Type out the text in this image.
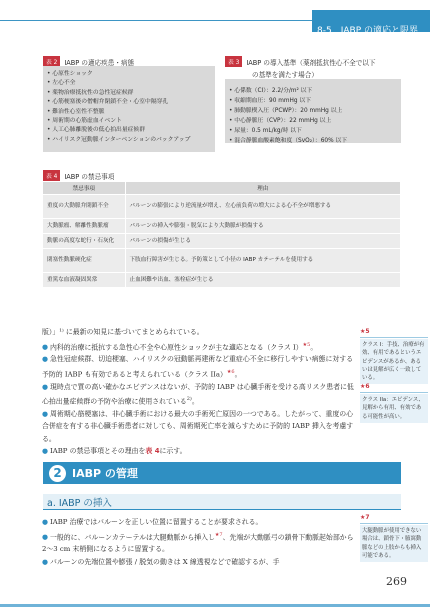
8-5　IABP の適応と限界
表 2	IABP の適応疾患・病態
• 心原性ショック
• 左心不全
• 薬物治療抵抗性の急性冠症候群
• 心筋梗塞後の僧帽弁閉鎖不全・心室中隔穿孔
• 難治性心室性不整脈
• 周術期の心筋虚血イベント
• 人工心肺離脱後の低心拍出量症候群
• ハイリスク冠動脈インターベンションのバックアップ
表 3	IABP の導入基準（薬剤抵抗性心不全で以下
の基準を満たす場合）
• 心係数（CI）：2.2/分/m² 以下
• 収縮期血圧：90 mmHg 以下
• 肺動脈楔入圧（PCWP）：20 mmHg 以上
• 中心静脈圧（CVP）：22 mmHg 以上
• 尿量：0.5 mL/kg/時 以下
• 混合静脈血酸素飽和度（SvO₂）：60% 以下
表 4	IABP の禁忌事項
禁忌事項	理由
重度の大動脈弁閉鎖不全	バルーンの膨張により逆流量が増え、左心前負荷の増大による心不全が増悪する
大動脈瘤、解離性動脈瘤	バルーンの挿入や膨張・脱気により大動脈が損傷する
動脈の高度な蛇行・石灰化	バルーンの損傷が生じる
閉塞性動脈硬化症	下肢血行障害が生じる。予防策として小径の IABP カテーテルを使用する
重篤な血液凝固異常	止血困難や出血、塞栓症が生じる

版）」¹⁾ に最新の知見に基づいてまとめられている。

● 内科的治療に抵抗する急性心不全や心原性ショックが主な適応となる（クラス I）$^{★5}$。

● 急性冠症候群、切迫梗塞、ハイリスクの冠動脈再建術など重症心不全に移行しやすい病態に対する予防的 IABP も有効であると考えられている（クラス IIa）$^{★6}$。

● 現時点で質の高い確かなエビデンスはないが、予防的 IABP は心臓手術を受ける高リスク患者に低心拍出量症候群の予防や治療に使用されている$^{2)}$。

● 周術期心筋梗塞は、非心臓手術における最大の手術死亡原因の一つである。したがって、重度の心合併症を有する非心臓手術患者に対しても、周術期死亡率を減らすために予防的 IABP 挿入を考慮する。

● IABP の禁忌事項とその理由を表 4に示す。

★5
クラス I：手技、治療が有効、有用であるというエビデンスがあるか、あるいは見解が広く一致している。
★6
クラス IIa：エビデンス、見解から有用、有効である可能性が高い。
2 IABP の管理
a. IABP の挿入

● IABP 治療ではバルーンを正しい位置に留置することが要求される。

● 一般的に、バルーンカテーテルは大腿動脈から挿入し$^{★7}$、先端が大動脈弓の鎖骨下動脈起始部から 2〜3 cm 末梢側になるように留置する。

● バルーンの先端位置や膨張 / 脱気の動きは X 線透視などで確認するが、手

★7
大腿動脈が使用できない場合は、鎖骨下・腋窩動脈などの上肢からも挿入可能である。
269
